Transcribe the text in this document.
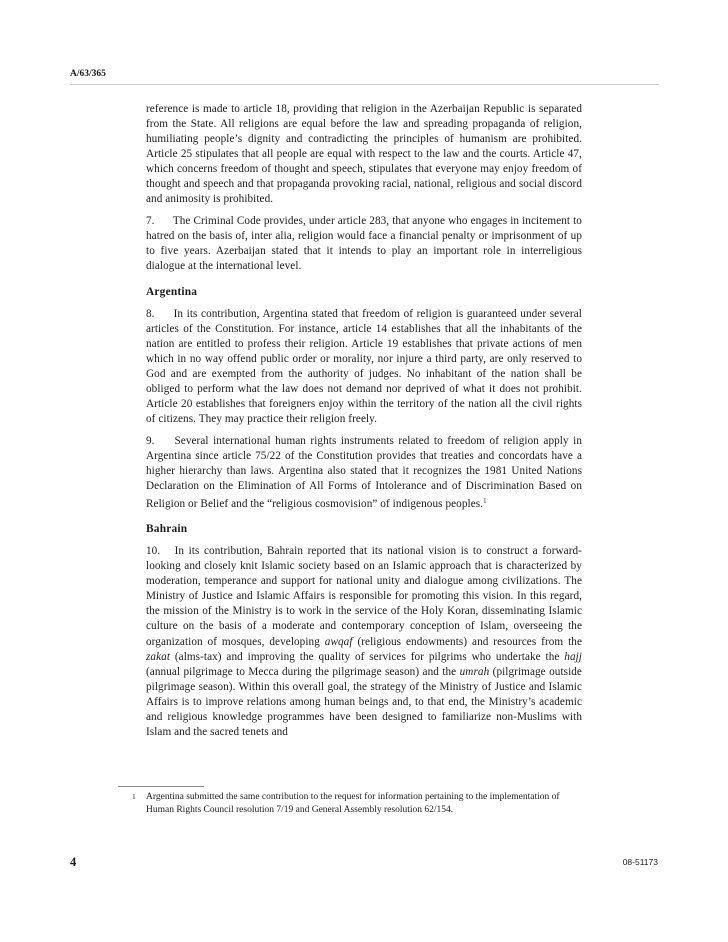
A/63/365

reference is made to article 18, providing that religion in the Azerbaijan Republic is separated from the State. All religions are equal before the law and spreading propaganda of religion, humiliating people’s dignity and contradicting the principles of humanism are prohibited. Article 25 stipulates that all people are equal with respect to the law and the courts. Article 47, which concerns freedom of thought and speech, stipulates that everyone may enjoy freedom of thought and speech and that propaganda provoking racial, national, religious and social discord and animosity is prohibited.

7. The Criminal Code provides, under article 283, that anyone who engages in incitement to hatred on the basis of, inter alia, religion would face a financial penalty or imprisonment of up to five years. Azerbaijan stated that it intends to play an important role in interreligious dialogue at the international level.

Argentina

8. In its contribution, Argentina stated that freedom of religion is guaranteed under several articles of the Constitution. For instance, article 14 establishes that all the inhabitants of the nation are entitled to profess their religion. Article 19 establishes that private actions of men which in no way offend public order or morality, nor injure a third party, are only reserved to God and are exempted from the authority of judges. No inhabitant of the nation shall be obliged to perform what the law does not demand nor deprived of what it does not prohibit. Article 20 establishes that foreigners enjoy within the territory of the nation all the civil rights of citizens. They may practice their religion freely.

9. Several international human rights instruments related to freedom of religion apply in Argentina since article 75/22 of the Constitution provides that treaties and concordats have a higher hierarchy than laws. Argentina also stated that it recognizes the 1981 United Nations Declaration on the Elimination of All Forms of Intolerance and of Discrimination Based on Religion or Belief and the “religious cosmovision” of indigenous peoples.$^1$

Bahrain

10. In its contribution, Bahrain reported that its national vision is to construct a forward-looking and closely knit Islamic society based on an Islamic approach that is characterized by moderation, temperance and support for national unity and dialogue among civilizations. The Ministry of Justice and Islamic Affairs is responsible for promoting this vision. In this regard, the mission of the Ministry is to work in the service of the Holy Koran, disseminating Islamic culture on the basis of a moderate and contemporary conception of Islam, overseeing the organization of mosques, developing awqaf (religious endowments) and resources from the zakat (alms-tax) and improving the quality of services for pilgrims who undertake the hajj (annual pilgrimage to Mecca during the pilgrimage season) and the umrah (pilgrimage outside pilgrimage season). Within this overall goal, the strategy of the Ministry of Justice and Islamic Affairs is to improve relations among human beings and, to that end, the Ministry’s academic and religious knowledge programmes have been designed to familiarize non-Muslims with Islam and the sacred tenets and

1 Argentina submitted the same contribution to the request for information pertaining to the implementation of Human Rights Council resolution 7/19 and General Assembly resolution 62/154.
4	08-51173
